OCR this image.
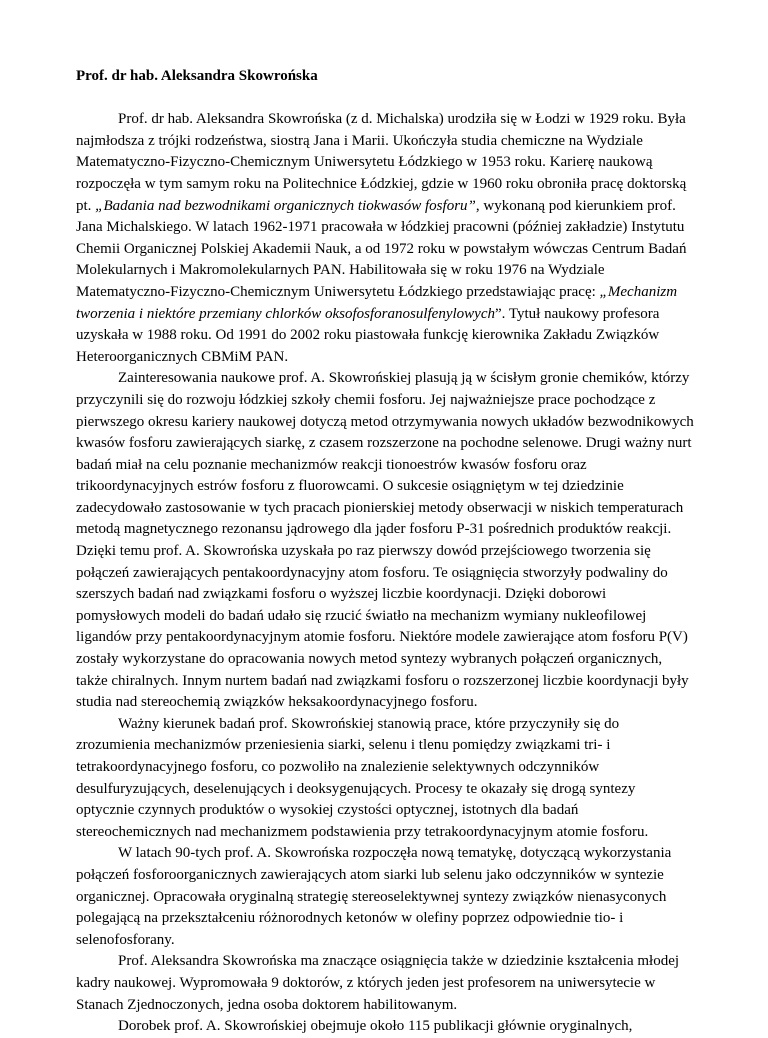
Prof. dr hab. Aleksandra Skowrońska

Prof. dr hab. Aleksandra Skowrońska (z d. Michalska) urodziła się w Łodzi w 1929 roku. Była najmłodsza z trójki rodzeństwa, siostrą Jana i Marii. Ukończyła studia chemiczne na Wydziale Matematyczno-Fizyczno-Chemicznym Uniwersytetu Łódzkiego w 1953 roku. Karierę naukową rozpoczęła w tym samym roku na Politechnice Łódzkiej, gdzie w 1960 roku obroniła pracę doktorską pt. „Badania nad bezwodnikami organicznych tiokwasów fosforu”, wykonaną pod kierunkiem prof. Jana Michalskiego. W latach 1962-1971 pracowała w łódzkiej pracowni (później zakładzie) Instytutu Chemii Organicznej Polskiej Akademii Nauk, a od 1972 roku w powstałym wówczas Centrum Badań Molekularnych i Makromolekularnych PAN. Habilitowała się w roku 1976 na Wydziale Matematyczno-Fizyczno-Chemicznym Uniwersytetu Łódzkiego przedstawiając pracę: „Mechanizm tworzenia i niektóre przemiany chlorków oksofosforanosulfenylowych”. Tytuł naukowy profesora uzyskała w 1988 roku. Od 1991 do 2002 roku piastowała funkcję kierownika Zakładu Związków Heteroorganicznych CBMiM PAN.

Zainteresowania naukowe prof. A. Skowrońskiej plasują ją w ścisłym gronie chemików, którzy przyczynili się do rozwoju łódzkiej szkoły chemii fosforu. Jej najważniejsze prace pochodzące z pierwszego okresu kariery naukowej dotyczą metod otrzymywania nowych układów bezwodnikowych kwasów fosforu zawierających siarkę, z czasem rozszerzone na pochodne selenowe. Drugi ważny nurt badań miał na celu poznanie mechanizmów reakcji tionoestrów kwasów fosforu oraz trikoordynacyjnych estrów fosforu z fluorowcami. O sukcesie osiągniętym w tej dziedzinie zadecydowało zastosowanie w tych pracach pionierskiej metody obserwacji w niskich temperaturach metodą magnetycznego rezonansu jądrowego dla jąder fosforu P-31 pośrednich produktów reakcji. Dzięki temu prof. A. Skowrońska uzyskała po raz pierwszy dowód przejściowego tworzenia się połączeń zawierających pentakoordynacyjny atom fosforu. Te osiągnięcia stworzyły podwaliny do szerszych badań nad związkami fosforu o wyższej liczbie koordynacji. Dzięki doborowi pomysłowych modeli do badań udało się rzucić światło na mechanizm wymiany nukleofilowej ligandów przy pentakoordynacyjnym atomie fosforu. Niektóre modele zawierające atom fosforu P(V) zostały wykorzystane do opracowania nowych metod syntezy wybranych połączeń organicznych, także chiralnych. Innym nurtem badań nad związkami fosforu o rozszerzonej liczbie koordynacji były studia nad stereochemią związków heksakoordynacyjnego fosforu.

Ważny kierunek badań prof. Skowrońskiej stanowią prace, które przyczyniły się do zrozumienia mechanizmów przeniesienia siarki, selenu i tlenu pomiędzy związkami tri- i tetrakoordynacyjnego fosforu, co pozwoliło na znalezienie selektywnych odczynników desulfuryzujących, deselenujących i deoksygenujących. Procesy te okazały się drogą syntezy optycznie czynnych produktów o wysokiej czystości optycznej, istotnych dla badań stereochemicznych nad mechanizmem podstawienia przy tetrakoordynacyjnym atomie fosforu.

W latach 90-tych prof. A. Skowrońska rozpoczęła nową tematykę, dotyczącą wykorzystania połączeń fosforoorganicznych zawierających atom siarki lub selenu jako odczynników w syntezie organicznej. Opracowała oryginalną strategię stereoselektywnej syntezy związków nienasyconych polegającą na przekształceniu różnorodnych ketonów w olefiny poprzez odpowiednie tio- i selenofosforany.

Prof. Aleksandra Skowrońska ma znaczące osiągnięcia także w dziedzinie kształcenia młodej kadry naukowej. Wypromowała 9 doktorów, z których jeden jest profesorem na uniwersytecie w Stanach Zjednoczonych, jedna osoba doktorem habilitowanym.

Dorobek prof. A. Skowrońskiej obejmuje około 115 publikacji głównie oryginalnych,
